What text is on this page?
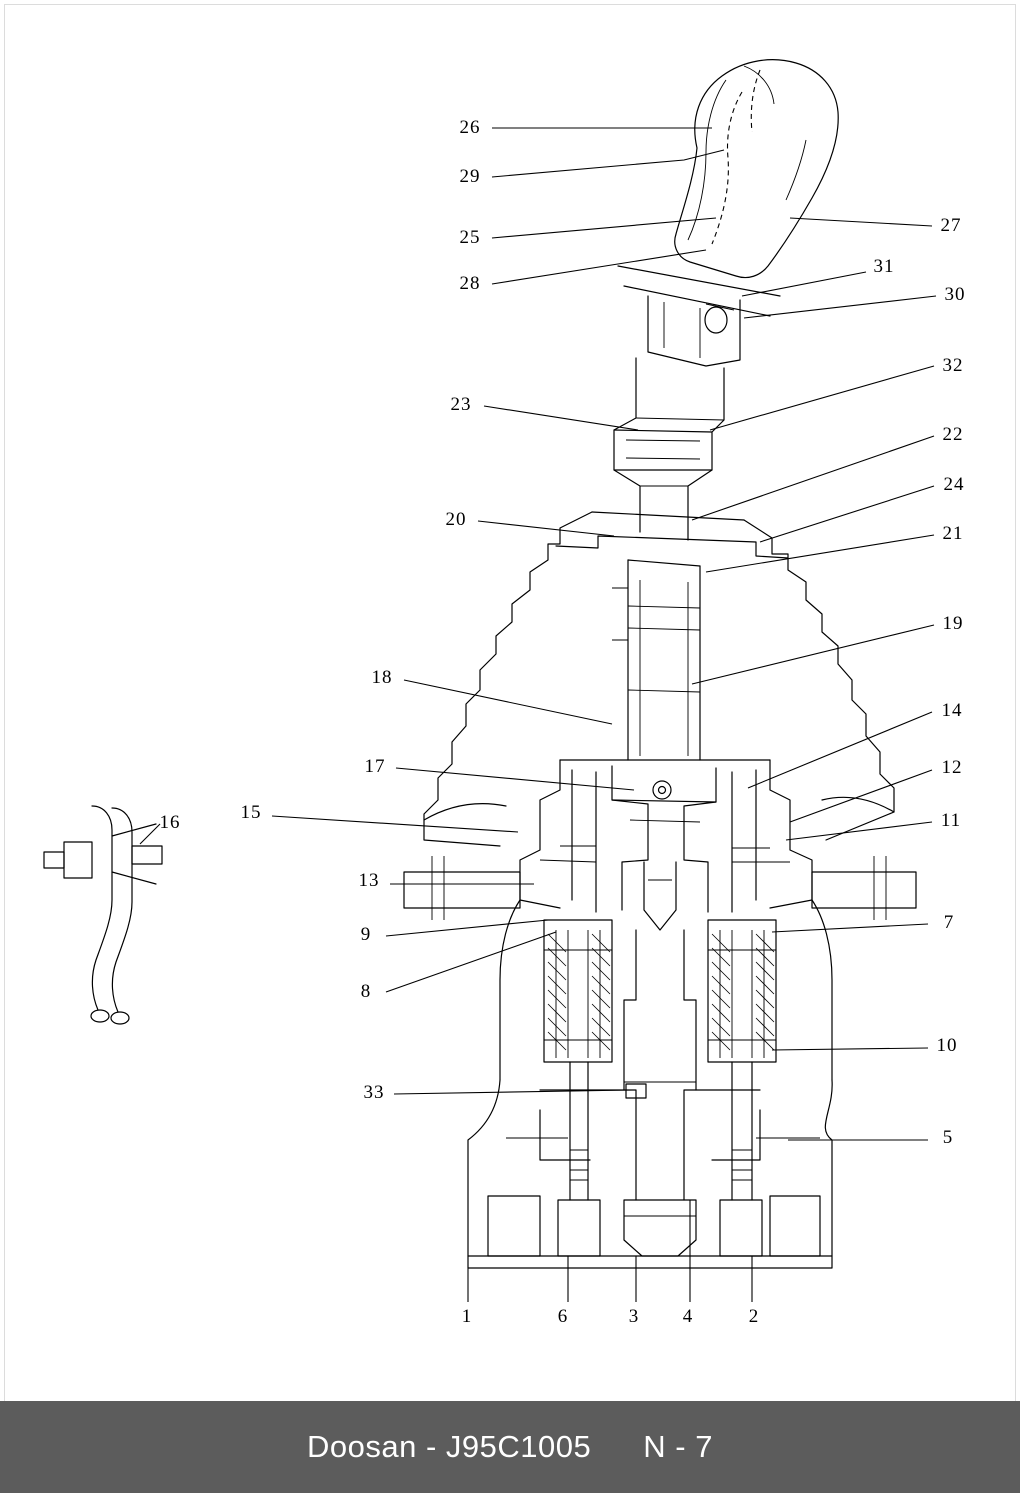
26
29
25
28
27
31
30
32
23
22
24
20
21
19
18
14
17	12
15
16	11
13
9
7
8
10
33
5
1	6	3 4	2
Doosan - J95C1005 N - 7
